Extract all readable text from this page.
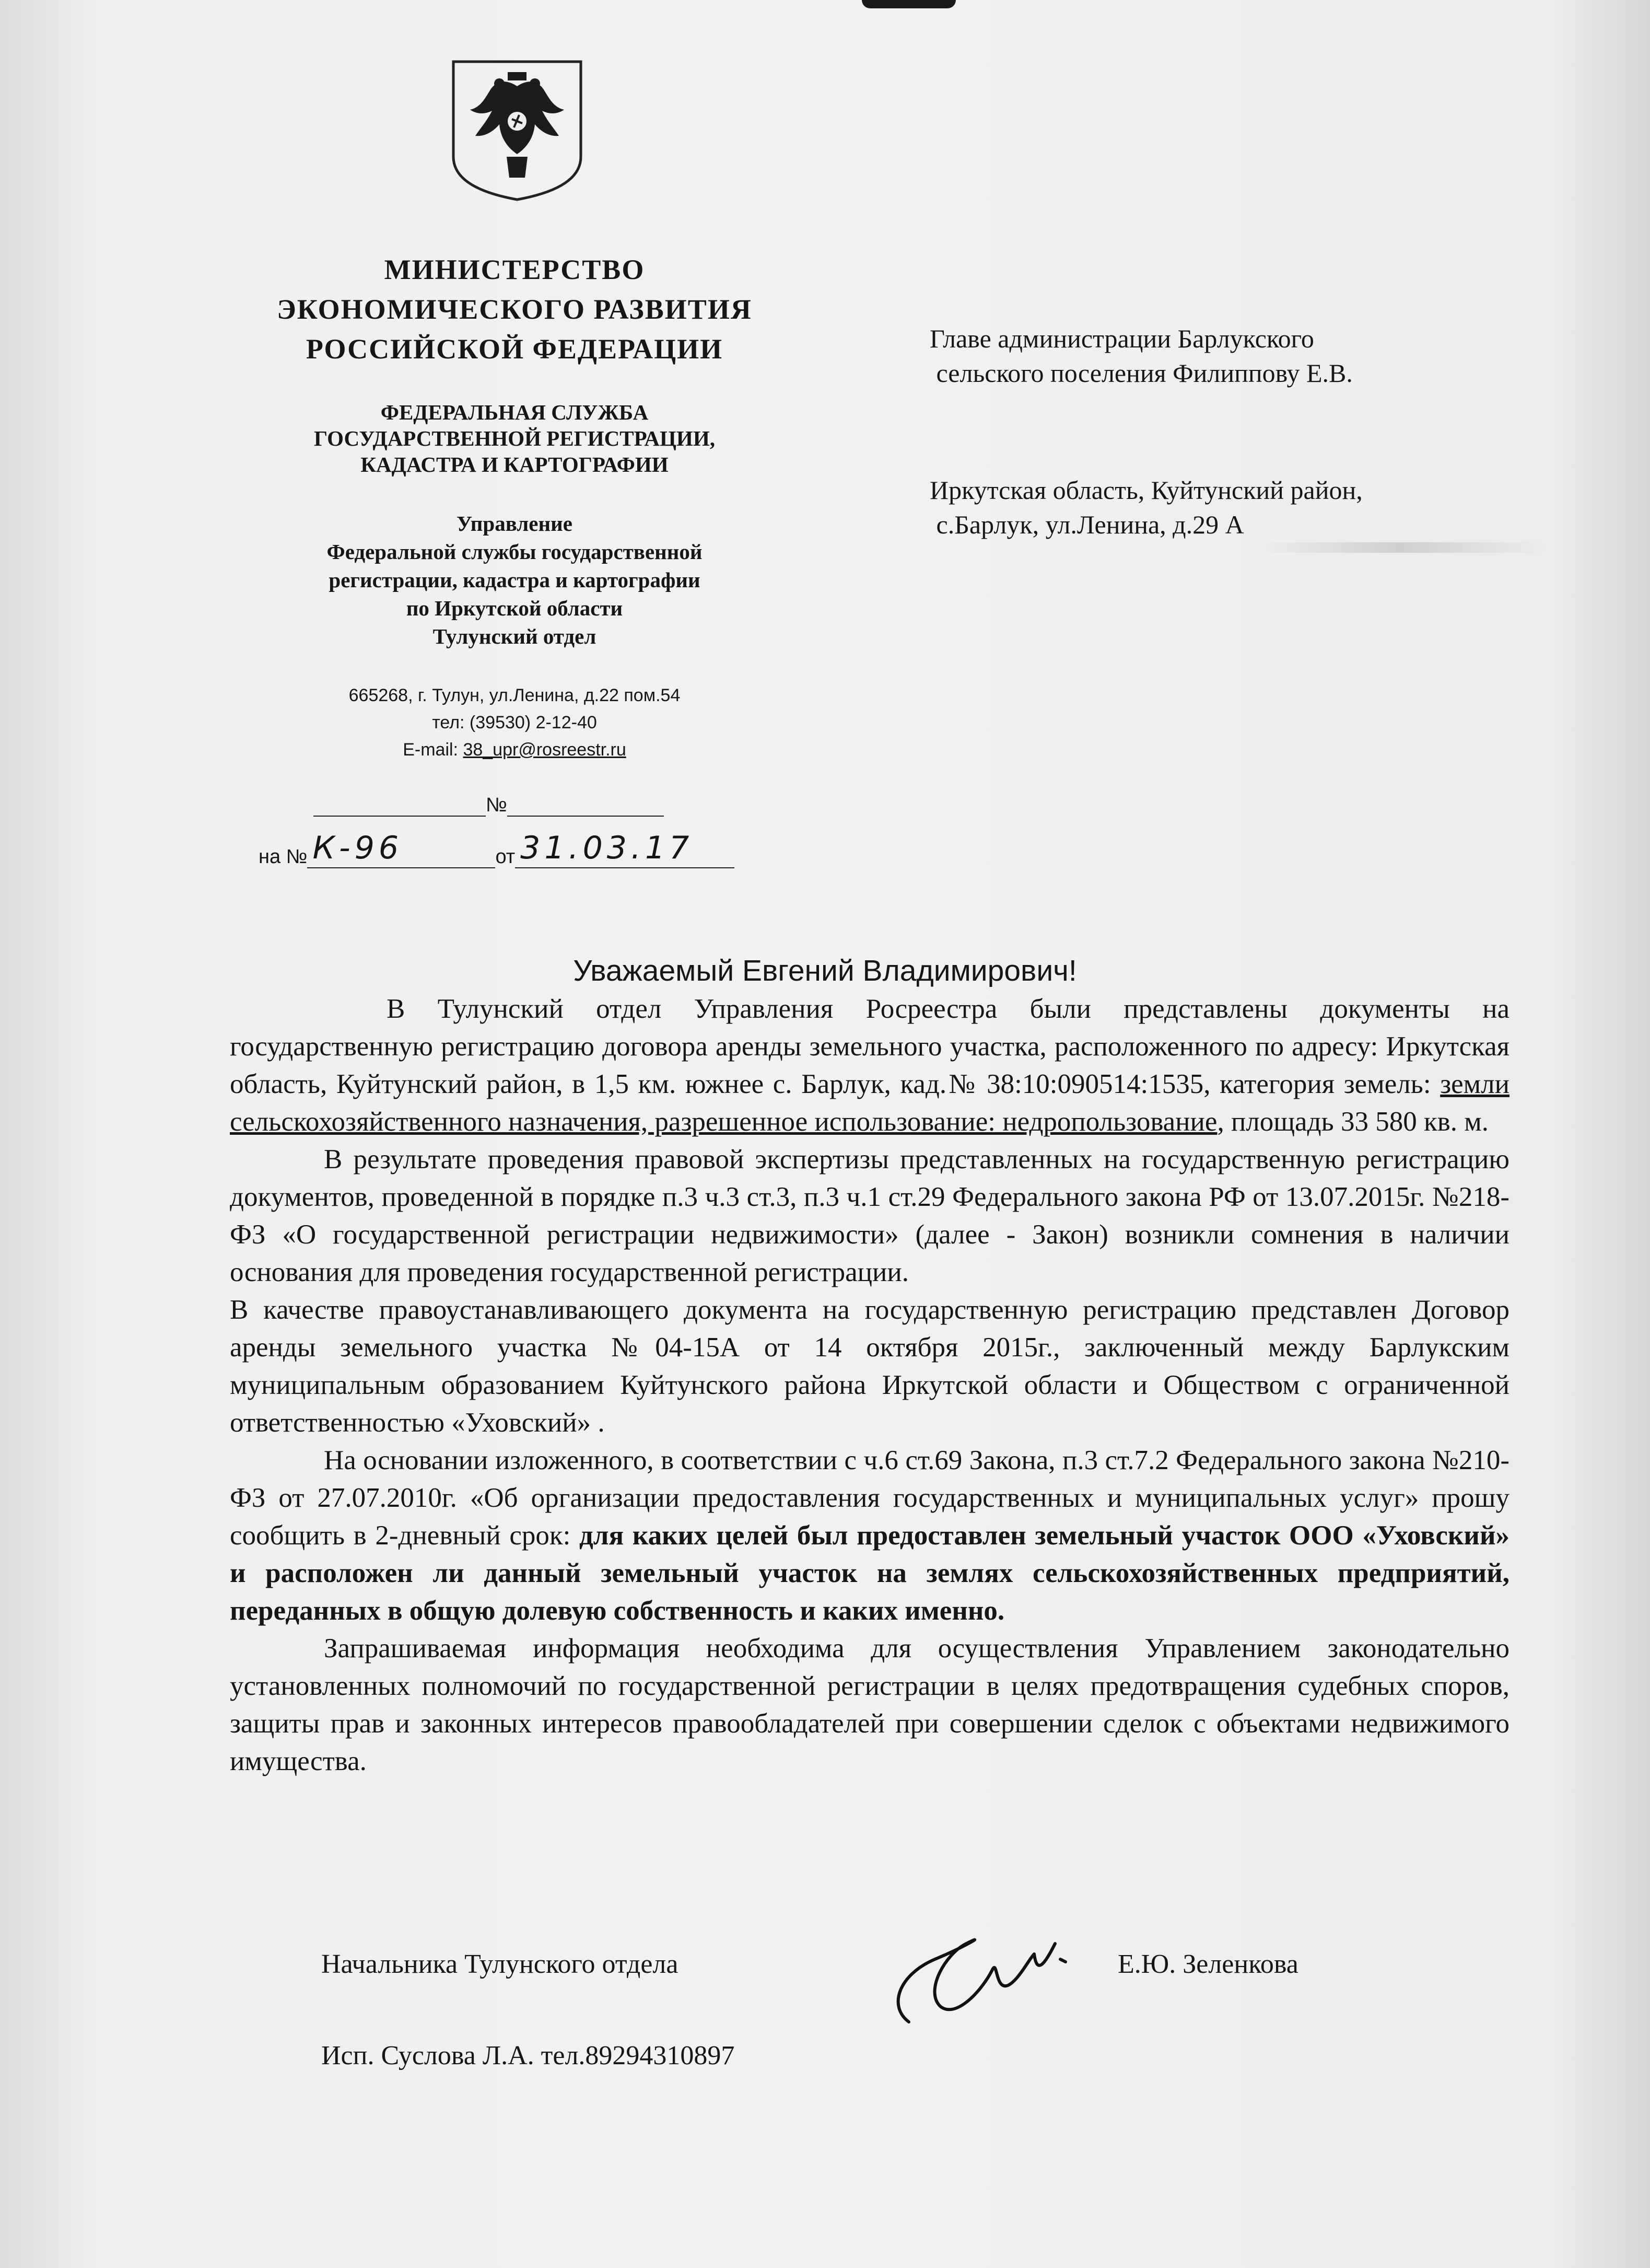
МИНИСТЕРСТВО
ЭКОНОМИЧЕСКОГО РАЗВИТИЯ
РОССИЙСКОЙ ФЕДЕРАЦИИ
ФЕДЕРАЛЬНАЯ СЛУЖБА
ГОСУДАРСТВЕННОЙ РЕГИСТРАЦИИ,
КАДАСТРА И КАРТОГРАФИИ
Управление
Федеральной службы государственной
регистрации, кадастра и картографии
по Иркутской области
Тулунский отдел
665268, г. Тулун, ул.Ленина, д.22 пом.54
тел: (39530) 2-12-40
E-mail: 38_upr@rosreestr.ru
№
на № К-96	от 31.03.17
Главе администрации Барлукского
сельского поселения Филиппову Е.В.
Иркутская область, Куйтунский район,
с.Барлук, ул.Ленина, д.29 А
Уважаемый Евгений Владимирович!

В Тулунский отдел Управления Росреестра были представлены документы на государственную регистрацию договора аренды земельного участка, расположенного по адресу: Иркутская область, Куйтунский район, в 1,5 км. южнее с. Барлук, кад.№ 38:10:090514:1535, категория земель: земли сельскохозяйственного назначения, разрешенное использование: недропользование, площадь 33 580 кв. м.

В результате проведения правовой экспертизы представленных на государственную регистрацию документов, проведенной в порядке п.3 ч.3 ст.3, п.3 ч.1 ст.29 Федерального закона РФ от 13.07.2015г. №218-ФЗ «О государственной регистрации недвижимости» (далее - Закон) возникли сомнения в наличии основания для проведения государственной регистрации.

В качестве правоустанавливающего документа на государственную регистрацию представлен Договор аренды земельного участка №04-15А от 14 октября 2015г., заключенный между Барлукским муниципальным образованием Куйтунского района Иркутской области и Обществом с ограниченной ответственностью «Уховский» .

На основании изложенного, в соответствии с ч.6 ст.69 Закона, п.3 ст.7.2 Федерального закона №210-ФЗ от 27.07.2010г. «Об организации предоставления государственных и муниципальных услуг» прошу сообщить в 2-дневный срок: для каких целей был предоставлен земельный участок ООО «Уховский» и расположен ли данный земельный участок на землях сельскохозяйственных предприятий, переданных в общую долевую собственность и каких именно.

Запрашиваемая информация необходима для осуществления Управлением законодательно установленных полномочий по государственной регистрации в целях предотвращения судебных споров, защиты прав и законных интересов правообладателей при совершении сделок с объектами недвижимого имущества.

Начальника Тулунского отдела	Е.Ю. Зеленкова
Исп. Суслова Л.А. тел.89294310897
